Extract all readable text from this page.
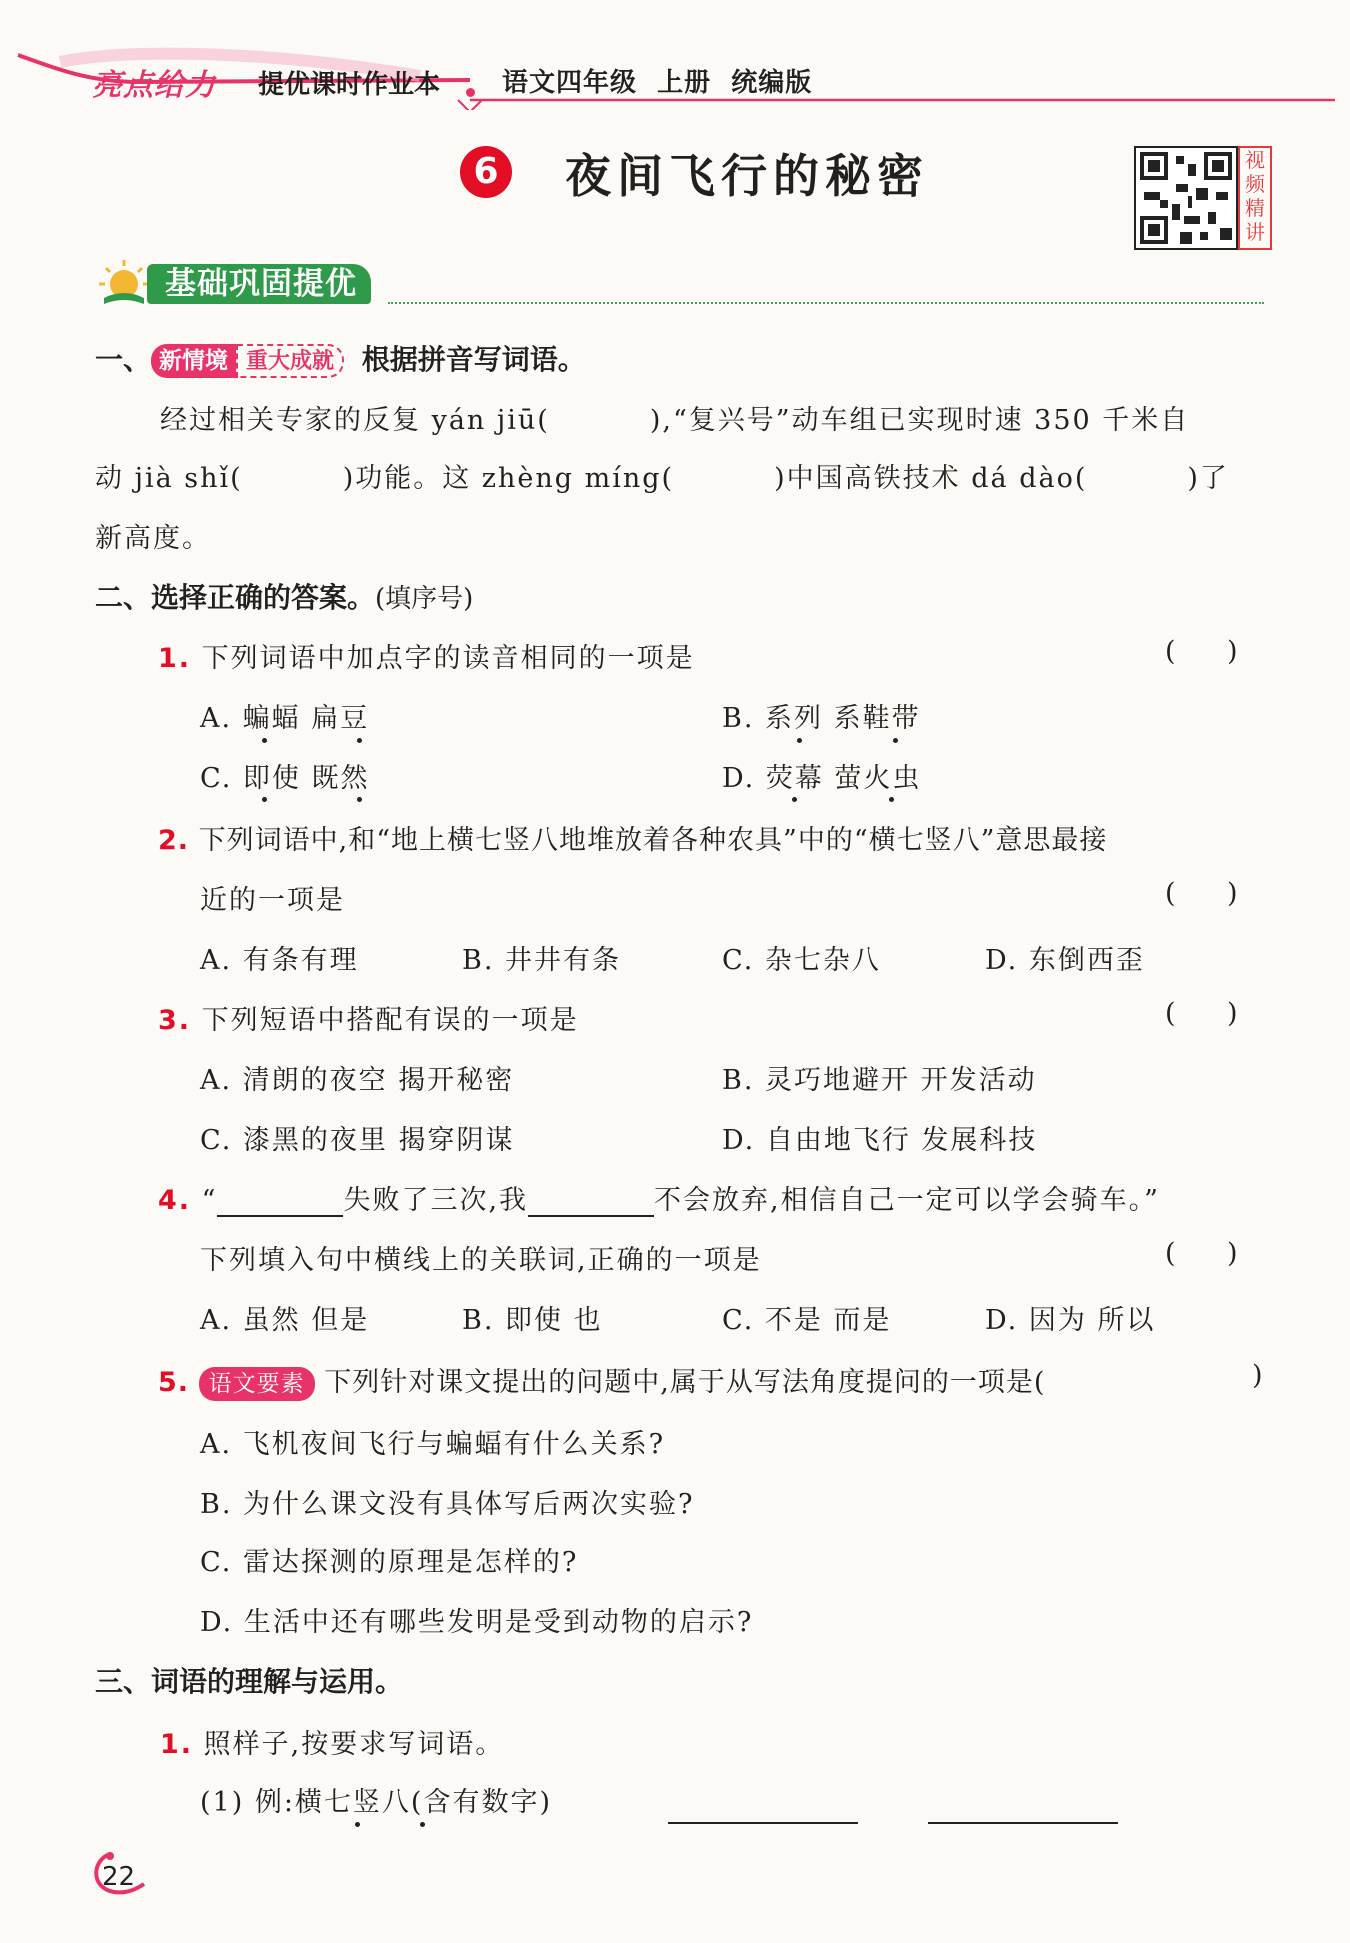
亮点给力 提优课时作业本 语文四年级  上册  统编版
6 夜间飞行的秘密	视频精讲
基础巩固提优
一、 新情境 重大成就 根据拼音写词语。
经过相关专家的反复 yán jiū(	),“复兴号”动车组已实现时速 350 千米自
动 jià shǐ(	)功能。这 zhèng míng(	)中国高铁技术 dá dào(	)了
新高度。
二、选择正确的答案。(填序号)
1. 下列词语中加点字的读音相同的一项是	(      )
A. 蝙蝠 扁豆	B. 系列 系鞋带
C. 即使 既然	D. 荧幕 萤火虫
2. 下列词语中,和“地上横七竖八地堆放着各种农具”中的“横七竖八”意思最接
近的一项是	(      )
A. 有条有理	B. 井井有条	C. 杂七杂八	D. 东倒西歪
3. 下列短语中搭配有误的一项是	(      )
A. 清朗的夜空 揭开秘密	B. 灵巧地避开 开发活动
C. 漆黑的夜里 揭穿阴谋	D. 自由地飞行 发展科技
4. “	失败了三次,我	不会放弃,相信自己一定可以学会骑车。”
下列填入句中横线上的关联词,正确的一项是	(      )
A. 虽然 但是	B. 即使 也	C. 不是 而是	D. 因为 所以
5. 语文要素 下列针对课文提出的问题中,属于从写法角度提问的一项是(	)
A. 飞机夜间飞行与蝙蝠有什么关系?
B. 为什么课文没有具体写后两次实验?
C. 雷达探测的原理是怎样的?
D. 生活中还有哪些发明是受到动物的启示?
三、词语的理解与运用。
1. 照样子,按要求写词语。
(1) 例:横七竖八(含有数字)
22
